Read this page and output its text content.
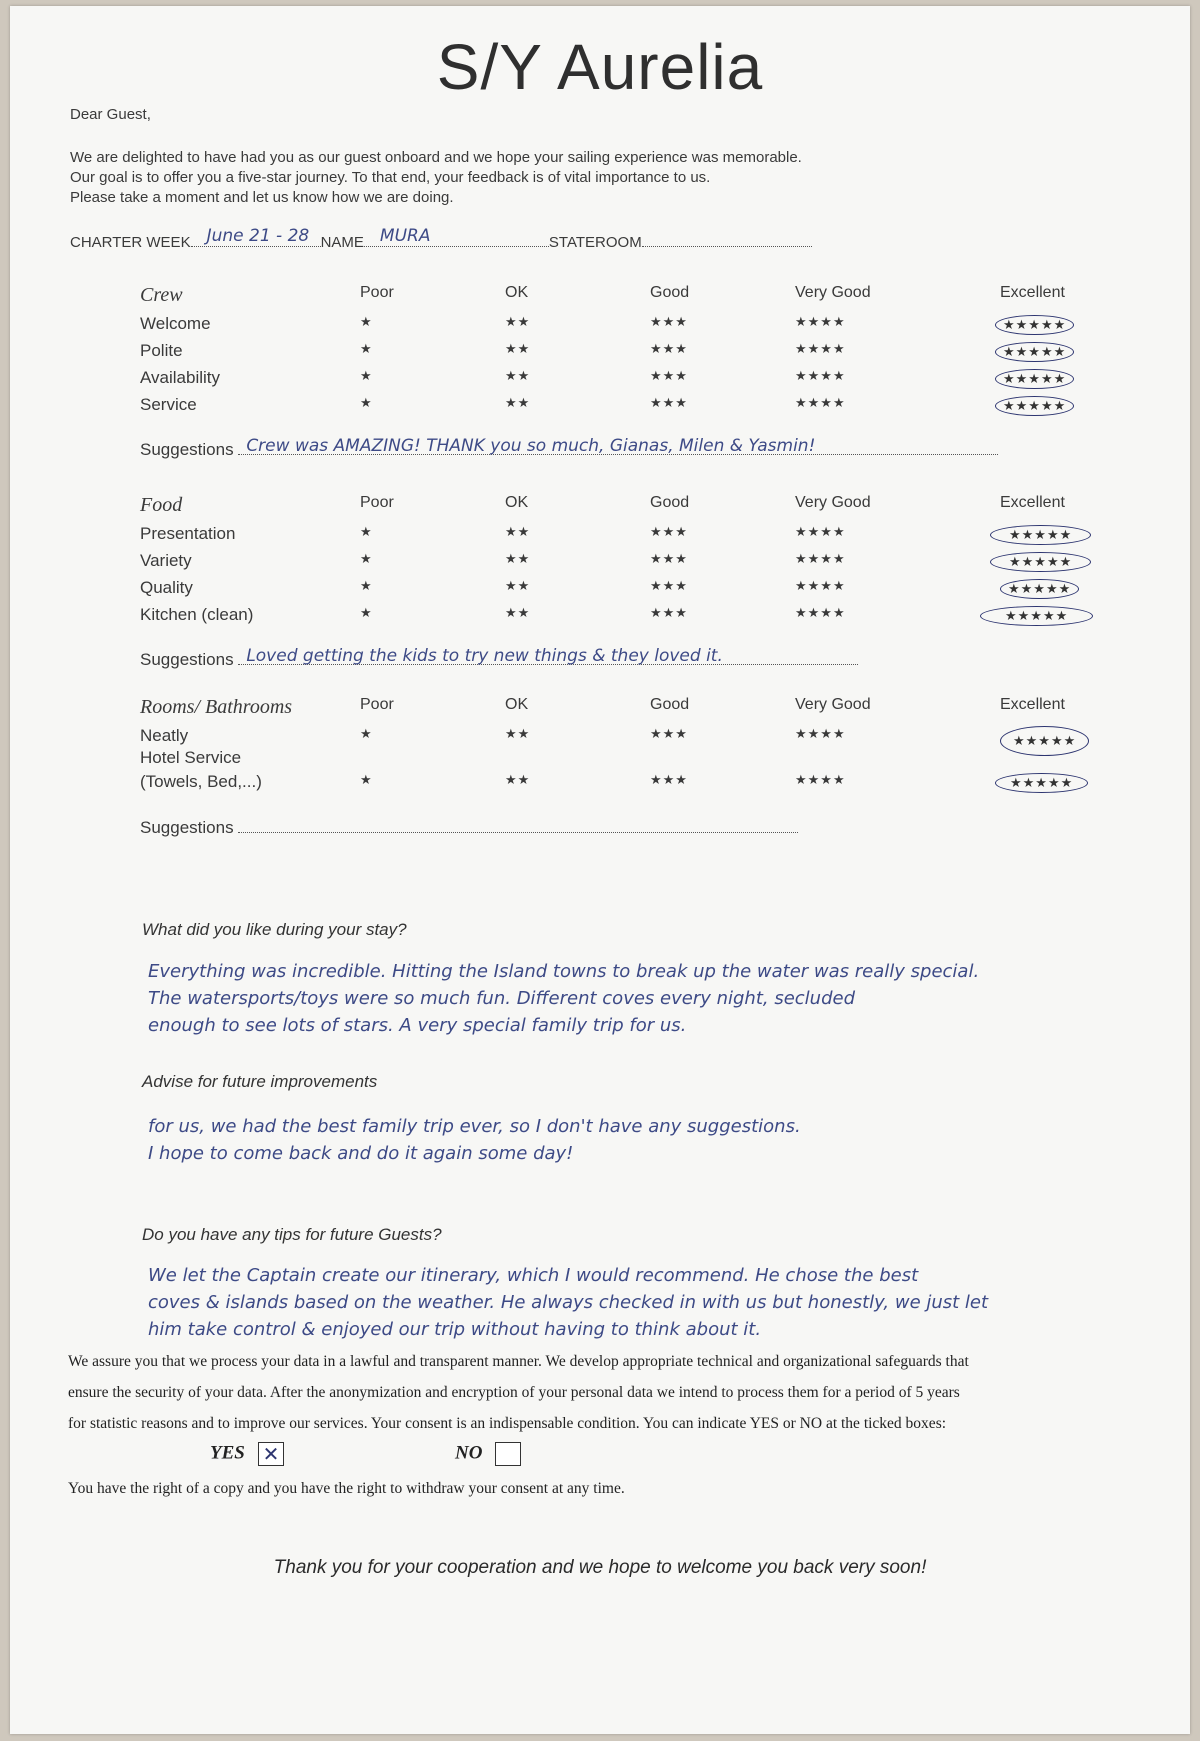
S/Y Aurelia
Dear Guest,
We are delighted to have had you as our guest onboard and we hope your sailing experience was memorable.
Our goal is to offer you a five-star journey. To that end, your feedback is of vital importance to us.
Please take a moment and let us know how we are doing.
CHARTER WEEK June 21 - 28 NAME MURA	STATEROOM
Crew	Poor	OK	Good	Very Good	Excellent
Welcome	★	★★	★★★	★★★★	★★★★★
Polite	★	★★	★★★	★★★★	★★★★★
Availability	★	★★	★★★	★★★★	★★★★★
Service	★	★★	★★★	★★★★	★★★★★
Suggestions Crew was AMAZING! THANK you so much, Gianas, Milen & Yasmin!
Food	Poor	OK	Good	Very Good	Excellent
Presentation	★	★★	★★★	★★★★	★★★★★
Variety	★	★★	★★★	★★★★	★★★★★
Quality	★	★★	★★★	★★★★	★★★★★
Kitchen (clean)	★	★★	★★★	★★★★	★★★★★
Suggestions Loved getting the kids to try new things & they loved it.
Rooms/ Bathrooms	Poor	OK	Good	Very Good	Excellent
Neatly	★	★★	★★★	★★★★	★★★★★
Hotel Service
(Towels, Bed,...)	★	★★	★★★	★★★★	★★★★★
Suggestions
What did you like during your stay?
Everything was incredible. Hitting the Island towns to break up the water was really special.
The watersports/toys were so much fun. Different coves every night, secluded
enough to see lots of stars. A very special family trip for us.
Advise for future improvements
for us, we had the best family trip ever, so I don't have any suggestions.
I hope to come back and do it again some day!
Do you have any tips for future Guests?
We let the Captain create our itinerary, which I would recommend. He chose the best
coves & islands based on the weather. He always checked in with us but honestly, we just let
him take control & enjoyed our trip without having to think about it.
We assure you that we process your data in a lawful and transparent manner. We develop appropriate technical and organizational safeguards that
ensure the security of your data. After the anonymization and encryption of your personal data we intend to process them for a period of 5 years
for statistic reasons and to improve our services. Your consent is an indispensable condition. You can indicate YES or NO at the ticked boxes:
YES ✕	NO
You have the right of a copy and you have the right to withdraw your consent at any time.
Thank you for your cooperation and we hope to welcome you back very soon!
